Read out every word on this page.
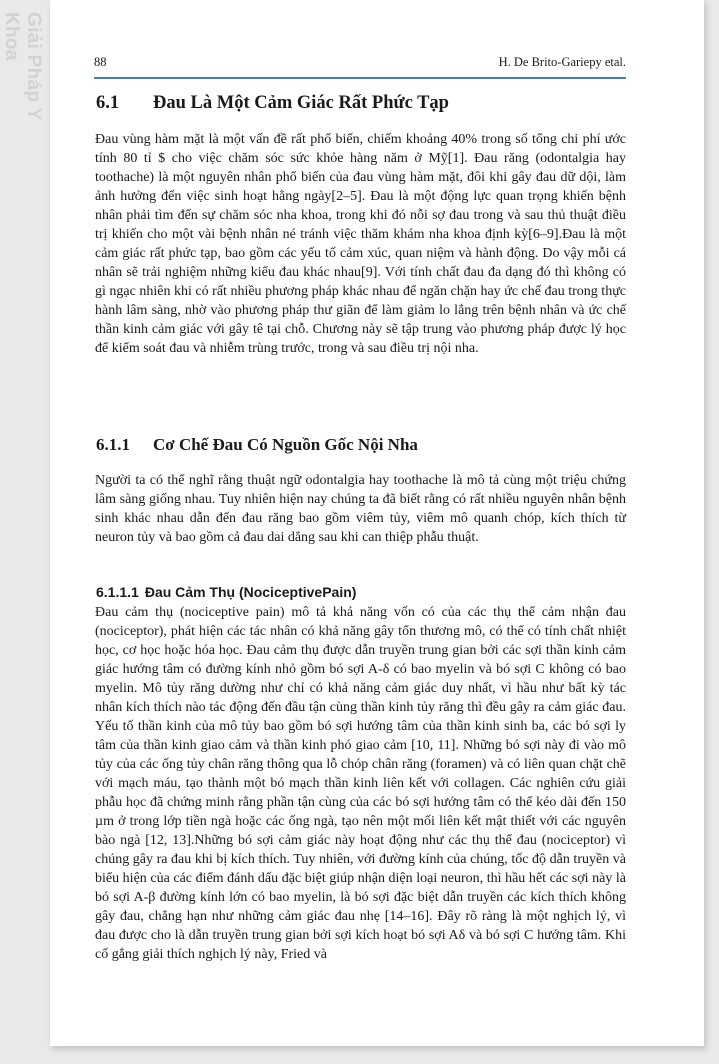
Giải Pháp Y Khoa
88	H. De Brito-Gariepy etal.
6.1 Đau Là Một Cảm Giác Rất Phức Tạp
Đau vùng hàm mặt là một vấn đề rất phổ biến, chiếm khoảng 40% trong số tổng chi phí ước tính 80 tỉ $ cho việc chăm sóc sức khỏe hàng năm ở Mỹ[1]. Đau răng (odontalgia hay toothache) là một nguyên nhân phổ biến của đau vùng hàm mặt, đôi khi gây đau dữ dội, làm ảnh hưởng đến việc sinh hoạt hằng ngày[2–5]. Đau là một động lực quan trọng khiến bệnh nhân phải tìm đến sự chăm sóc nha khoa, trong khi đó nỗi sợ đau trong và sau thủ thuật điều trị khiến cho một vài bệnh nhân né tránh việc thăm khám nha khoa định kỳ[6–9].Đau là một cảm giác rất phức tạp, bao gồm các yếu tố cảm xúc, quan niệm và hành động. Do vậy mỗi cá nhân sẽ trải nghiệm những kiểu đau khác nhau[9]. Với tính chất đau đa dạng đó thì không có gì ngạc nhiên khi có rất nhiều phương pháp khác nhau để ngăn chặn hay ức chế đau trong thực hành lâm sàng, nhờ vào phương pháp thư giãn để làm giảm lo lắng trên bệnh nhân và ức chế thần kinh cảm giác với gây tê tại chỗ. Chương này sẽ tập trung vào phương pháp được lý học để kiểm soát đau và nhiễm trùng trước, trong và sau điều trị nội nha.
6.1.1 Cơ Chế Đau Có Nguồn Gốc Nội Nha
Người ta có thể nghĩ rằng thuật ngữ odontalgia hay toothache là mô tả cùng một triệu chứng lâm sàng giống nhau. Tuy nhiên hiện nay chúng ta đã biết rằng có rất nhiều nguyên nhân bệnh sinh khác nhau dẫn đến đau răng bao gồm viêm tủy, viêm mô quanh chóp, kích thích từ neuron tủy và bao gồm cả đau dai dẳng sau khi can thiệp phẫu thuật.
6.1.1.1 Đau Cảm Thụ (NociceptivePain)
Đau cảm thụ (nociceptive pain) mô tả khả năng vốn có của các thụ thể cảm nhận đau (nociceptor), phát hiện các tác nhân có khả năng gây tổn thương mô, có thể có tính chất nhiệt học, cơ học hoặc hóa học. Đau cảm thụ được dẫn truyền trung gian bởi các sợi thần kinh cảm giác hướng tâm có đường kính nhỏ gồm bó sợi A-δ có bao myelin và bó sợi C không có bao myelin. Mô tủy răng dường như chỉ có khả năng cảm giác duy nhất, vì hầu như bất kỳ tác nhân kích thích nào tác động đến đầu tận cùng thần kinh tủy răng thì đều gây ra cảm giác đau. Yếu tố thần kinh của mô tủy bao gồm bó sợi hướng tâm của thần kinh sinh ba, các bó sợi ly tâm của thần kinh giao cảm và thần kinh phó giao cảm [10, 11]. Những bó sợi này đi vào mô tủy của các ống tủy chân răng thông qua lỗ chóp chân răng (foramen) và có liên quan chặt chẽ với mạch máu, tạo thành một bó mạch thần kinh liên kết với collagen. Các nghiên cứu giải phẫu học đã chứng minh rằng phần tận cùng của các bó sợi hướng tâm có thể kéo dài đến 150 µm ở trong lớp tiền ngà hoặc các ống ngà, tạo nên một mối liên kết mật thiết với các nguyên bào ngà [12, 13].Những bó sợi cảm giác này hoạt động như các thụ thể đau (nociceptor) vì chúng gây ra đau khi bị kích thích. Tuy nhiên, với đường kính của chúng, tốc độ dẫn truyền và biểu hiện của các điểm đánh dấu đặc biệt giúp nhận diện loại neuron, thì hầu hết các sợi này là bó sợi A-β đường kính lớn có bao myelin, là bó sợi đặc biệt dẫn truyền các kích thích không gây đau, chẳng hạn như những cảm giác đau nhẹ [14–16]. Đây rõ ràng là một nghịch lý, vì đau được cho là dẫn truyền trung gian bởi sợi kích hoạt bó sợi Aδ và bó sợi C hướng tâm. Khi cố gắng giải thích nghịch lý này, Fried và
